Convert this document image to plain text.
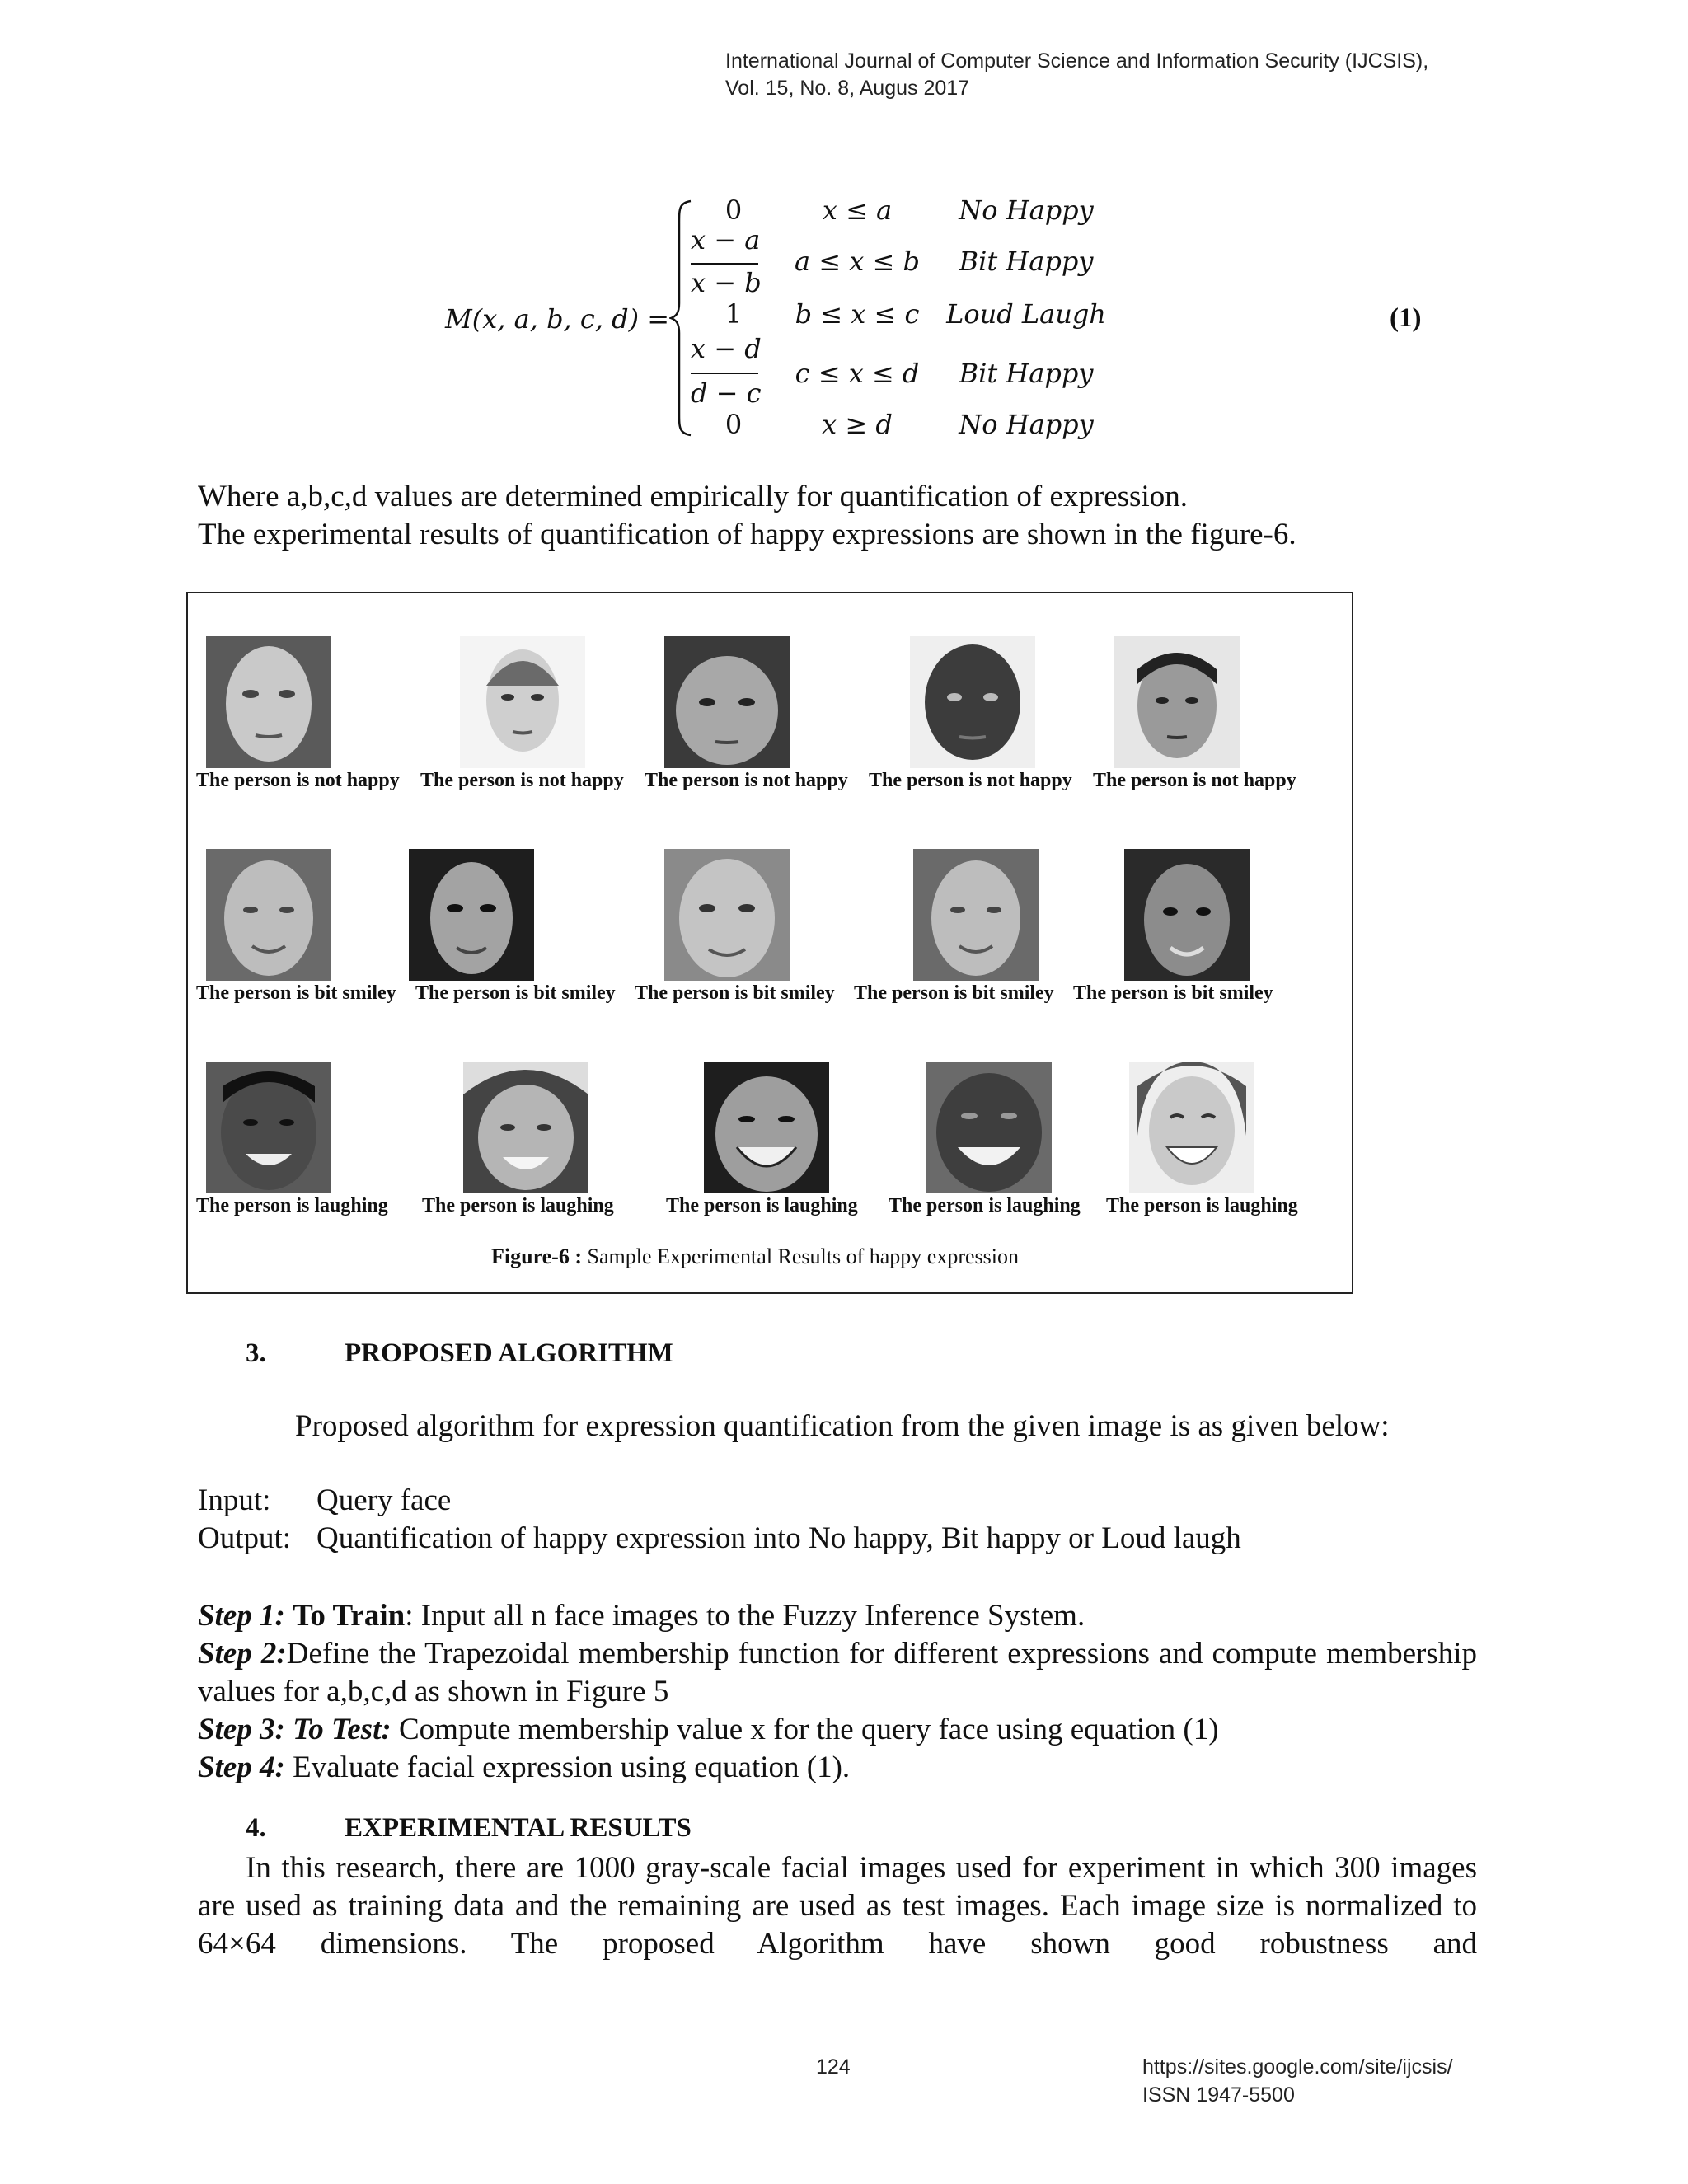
International Journal of Computer Science and Information Security (IJCSIS),
Vol. 15, No. 8, Augus 2017
M(x, a, b, c, d) =
0	x ≤ a	No Happy
x − a
x − b
a ≤ x ≤ b	Bit Happy
1	b ≤ x ≤ c	Loud Laugh
x − d
d − c
c ≤ x ≤ d	Bit Happy
0	x ≥ d	No Happy
(1)
Where a,b,c,d values are determined empirically for quantification of expression.
The experimental results of quantification of happy expressions are shown in the figure-6.
The person is not happy The person is not happy The person is not happy The person is not happy The person is not happy
The person is bit smiley The person is bit smiley The person is bit smiley The person is bit smiley The person is bit smiley
The person is laughing The person is laughing	The person is laughing The person is laughing The person is laughing
Figure-6 : Sample Experimental Results of happy expression
3.	PROPOSED ALGORITHM
Proposed algorithm for expression quantification from the given image is as given below:
Input: Query face
Output: Quantification of happy expression into No happy, Bit happy or Loud laugh
Step 1: To Train: Input all n face images to the Fuzzy Inference System.
Step 2:Define the Trapezoidal membership function for different expressions and compute membership values for a,b,c,d as shown in Figure 5
Step 3: To Test: Compute membership value x for the query face using equation (1)
Step 4: Evaluate facial expression using equation (1).
4.	EXPERIMENTAL RESULTS
In this research, there are 1000 gray-scale facial images used for experiment in which 300 images are used as training data and the remaining are used as test images. Each image size is normalized to 64×64 dimensions. The proposed Algorithm have shown good robustness and
124	https://sites.google.com/site/ijcsis/
ISSN 1947-5500
